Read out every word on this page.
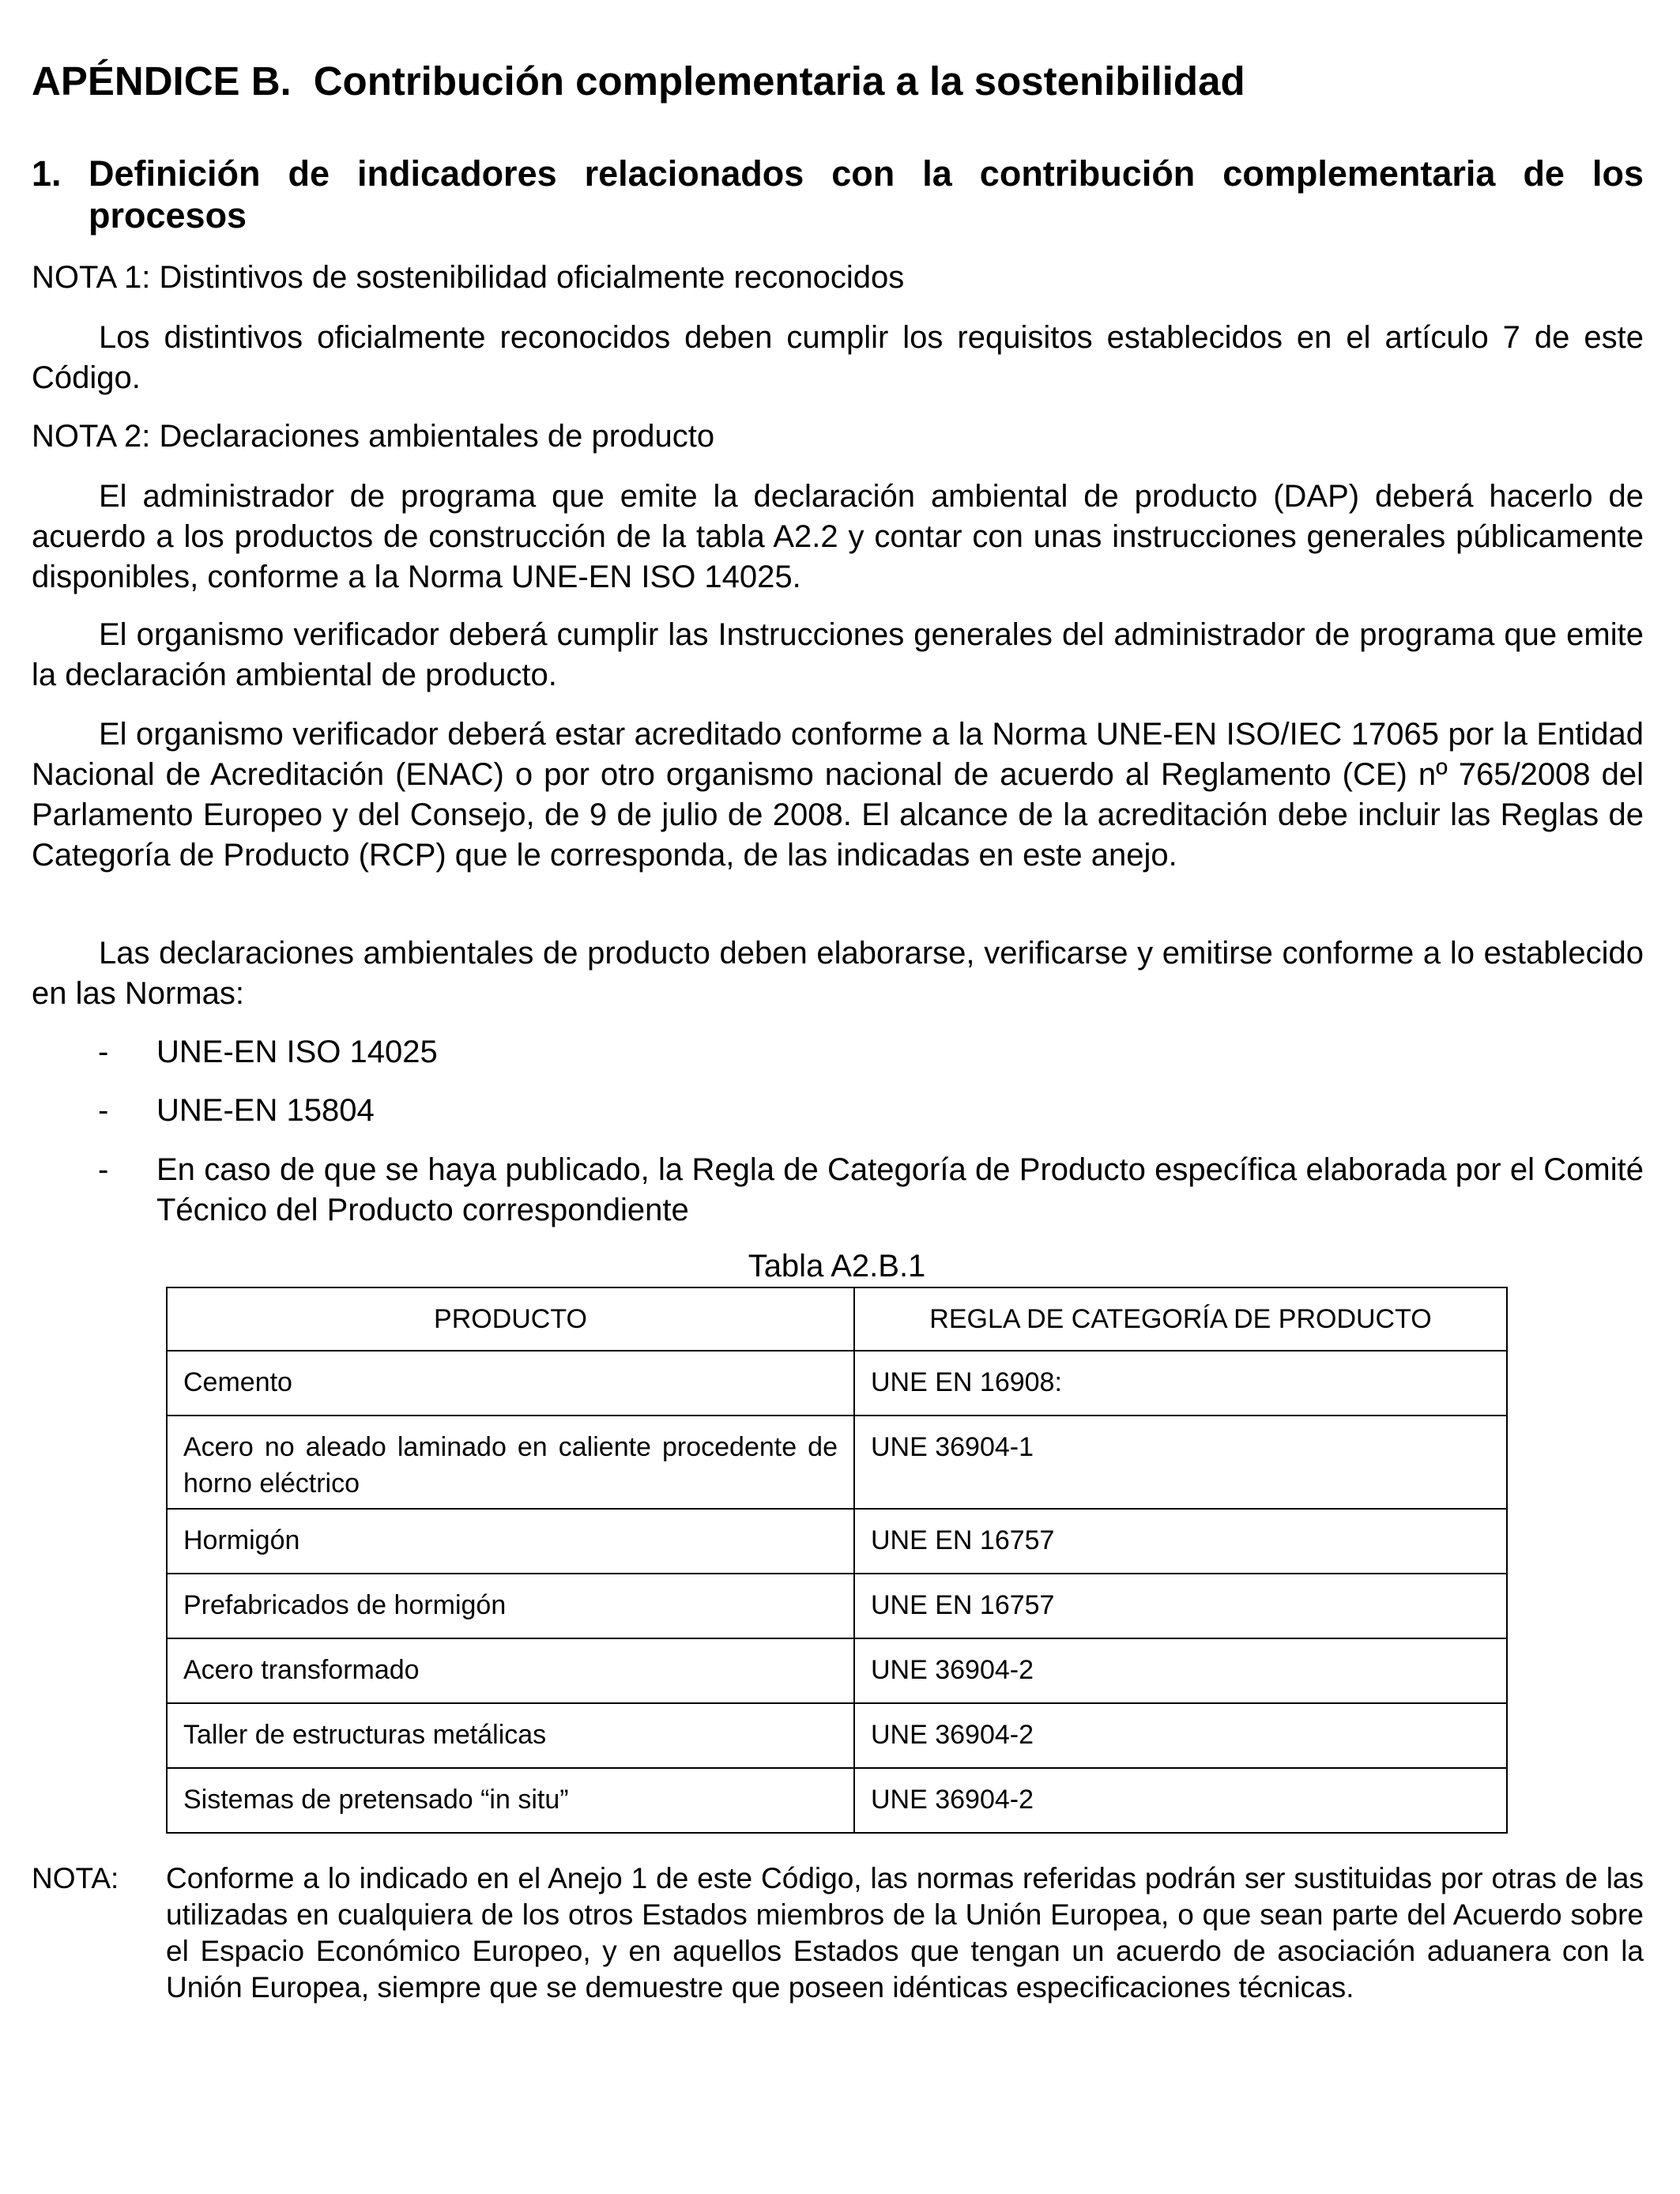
APÉNDICE B. Contribución complementaria a la sostenibilidad
1. Definición de indicadores relacionados con la contribución complementaria de los procesos

NOTA 1: Distintivos de sostenibilidad oficialmente reconocidos

Los distintivos oficialmente reconocidos deben cumplir los requisitos establecidos en el artículo 7 de este Código.

NOTA 2: Declaraciones ambientales de producto

El administrador de programa que emite la declaración ambiental de producto (DAP) deberá hacerlo de acuerdo a los productos de construcción de la tabla A2.2 y contar con unas instrucciones generales públicamente disponibles, conforme a la Norma UNE-EN ISO 14025.

El organismo verificador deberá cumplir las Instrucciones generales del administrador de programa que emite la declaración ambiental de producto.

El organismo verificador deberá estar acreditado conforme a la Norma UNE-EN ISO/IEC 17065 por la Entidad Nacional de Acreditación (ENAC) o por otro organismo nacional de acuerdo al Reglamento (CE) nº 765/2008 del Parlamento Europeo y del Consejo, de 9 de julio de 2008. El alcance de la acreditación debe incluir las Reglas de Categoría de Producto (RCP) que le corresponda, de las indicadas en este anejo.

Las declaraciones ambientales de producto deben elaborarse, verificarse y emitirse conforme a lo establecido en las Normas:

- UNE-EN ISO 14025

- UNE-EN 15804

- En caso de que se haya publicado, la Regla de Categoría de Producto específica elaborada por el Comité Técnico del Producto correspondiente

Tabla A2.B.1

PRODUCTO	REGLA DE CATEGORÍA DE PRODUCTO
Cemento	UNE EN 16908:
Acero no aleado laminado en caliente procedente de horno eléctrico	UNE 36904-1
Hormigón	UNE EN 16757
Prefabricados de hormigón	UNE EN 16757
Acero transformado	UNE 36904-2
Taller de estructuras metálicas	UNE 36904-2
Sistemas de pretensado “in situ”	UNE 36904-2

NOTA: Conforme a lo indicado en el Anejo 1 de este Código, las normas referidas podrán ser sustituidas por otras de las utilizadas en cualquiera de los otros Estados miembros de la Unión Europea, o que sean parte del Acuerdo sobre el Espacio Económico Europeo, y en aquellos Estados que tengan un acuerdo de asociación aduanera con la Unión Europea, siempre que se demuestre que poseen idénticas especificaciones técnicas.
